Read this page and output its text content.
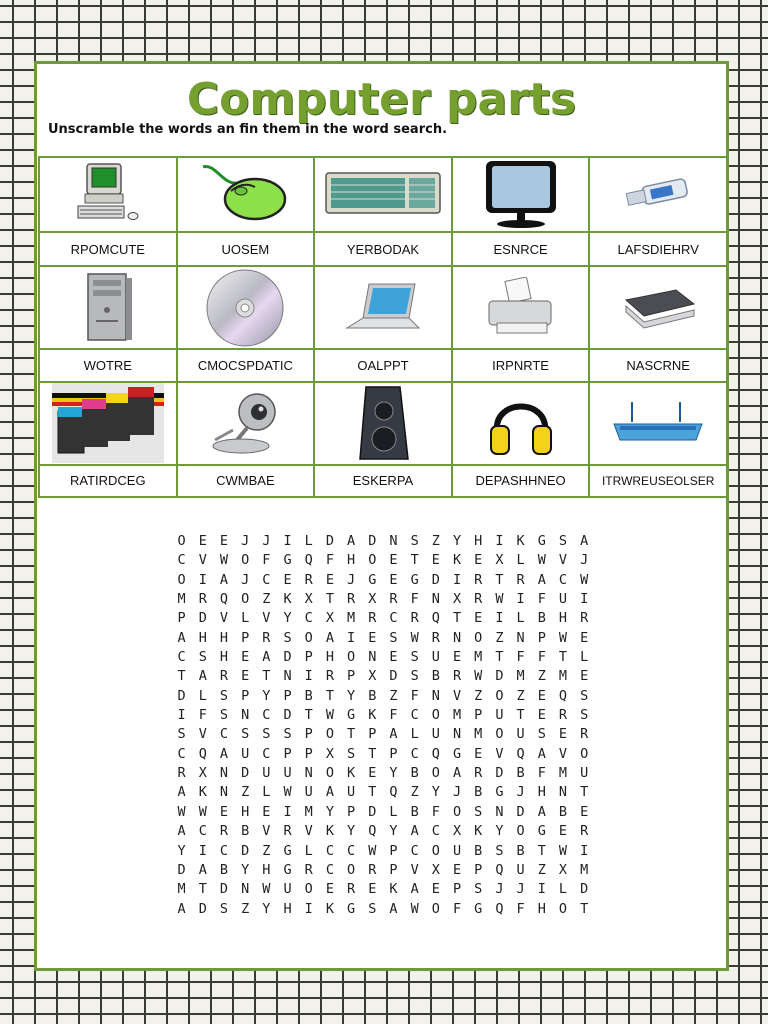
Computer parts
Unscramble the words an fin them in the word search.

RPOMCUTE	UOSEM	YERBODAK	ESNRCE	LAFSDIEHRV

WOTRE	CMOCSPDATIC	OALPPT	IRPNRTE	NASCRNE

RATIRDCEG	CWMBAE	ESKERPA	DEPASHHNEO	ITRWREUSEOLSER
O E E J J I L D A D N S Z Y H I K G S A
C V W O F G Q F H O E T E K E X L W V J
O I A J C E R E J G E G D I R T R A C W
M R Q O Z K X T R X R F N X R W I F U I
P D V L V Y C X M R C R Q T E I L B H R
A H H P R S O A I E S W R N O Z N P W E
C S H E A D P H O N E S U E M T F F T L
T A R E T N I R P X D S B R W D M Z M E
D L S P Y P B T Y B Z F N V Z O Z E Q S
I F S N C D T W G K F C O M P U T E R S
S V C S S S P O T P A L U N M O U S E R
C Q A U C P P X S T P C Q G E V Q A V O
R X N D U U N O K E Y B O A R D B F M U
A K N Z L W U A U T Q Z Y J B G J H N T
W W E H E I M Y P D L B F O S N D A B E
A C R B V R V K Y Q Y A C X K Y O G E R
Y I C D Z G L C C W P C O U B S B T W I
D A B Y H G R C O R P V X E P Q U Z X M
M T D N W U O E R E K A E P S J J I L D
A D S Z Y H I K G S A W O F G Q F H O T
